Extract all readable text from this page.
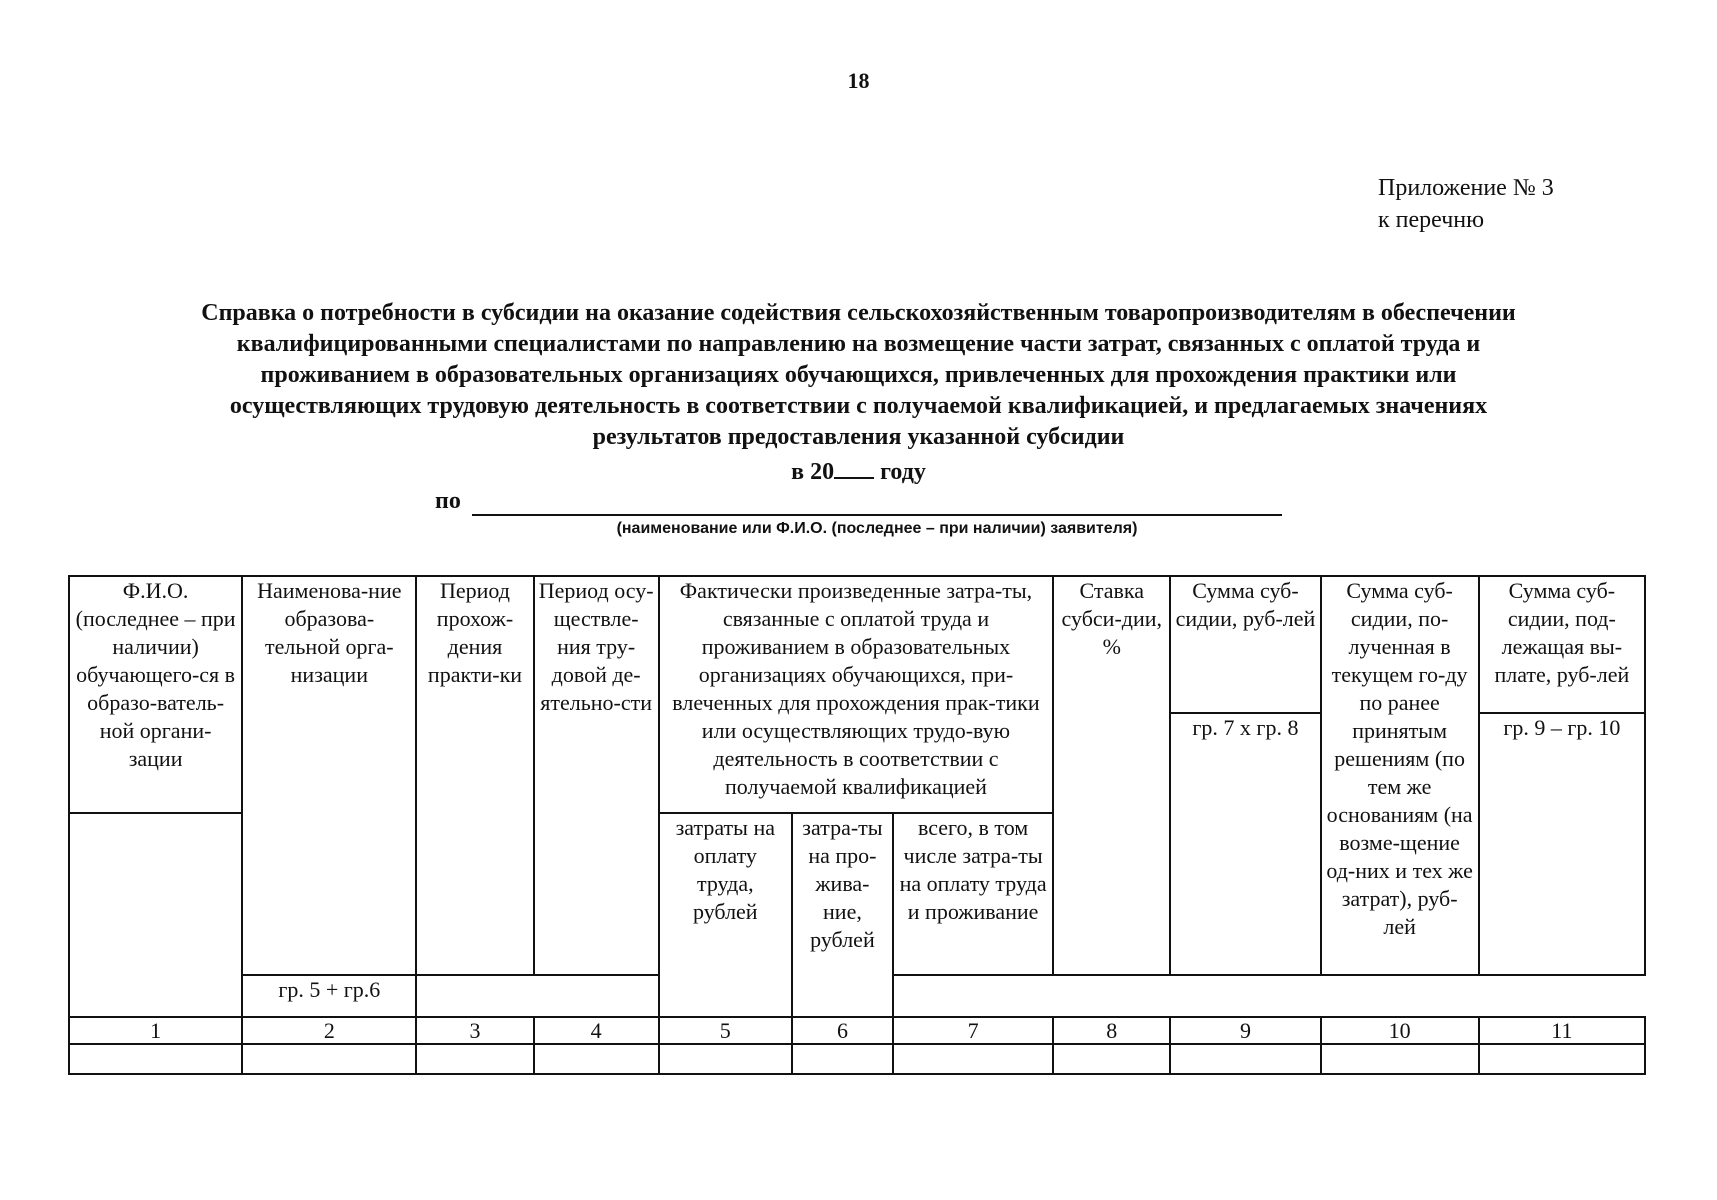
18
Приложение № 3
к перечню
Справка о потребности в субсидии на оказание содействия сельскохозяйственным товаропроизводителям в обеспечении
квалифицированными специалистами по направлению на возмещение части затрат, связанных с оплатой труда и
проживанием в образовательных организациях обучающихся, привлеченных для прохождения практики или
осуществляющих трудовую деятельность в соответствии с получаемой квалификацией, и предлагаемых значениях
результатов предоставления указанной субсидии
в 20 году
по
(наименование или Ф.И.О. (последнее – при наличии) заявителя)
Ф.И.О. (последнее – при наличии) обучающего-ся в образо-ватель-ной органи-зации	Наименова-ние образова-тельной орга-низации	Период прохож-дения практи-ки	Период осу-ществле-ния тру-довой де-ятельно-сти	Фактически произведенные затра-ты, связанные с оплатой труда и проживанием в образовательных организациях обучающихся, при-влеченных для прохождения прак-тики или осуществляющих трудо-вую деятельность в соответствии с получаемой квалификацией			Ставка субси-дии, %	Сумма суб-сидии, руб-лей	Сумма суб-сидии, по-лученная в текущем го-ду по ранее принятым решениям (по тем же основаниям (на возме-щение од-них и тех же затрат), руб-лей	Сумма суб-сидии, под-лежащая вы-плате, руб-лей
								гр. 7 х гр. 8		гр. 9 – гр. 10
				затраты на оплату труда, рублей	затра-ты на про-жива-ние, рублей	всего, в том числе затра-ты на оплату труда и проживание				
	гр. 5 + гр.6									
1	2	3	4	5	6	7	8	9	10	11
